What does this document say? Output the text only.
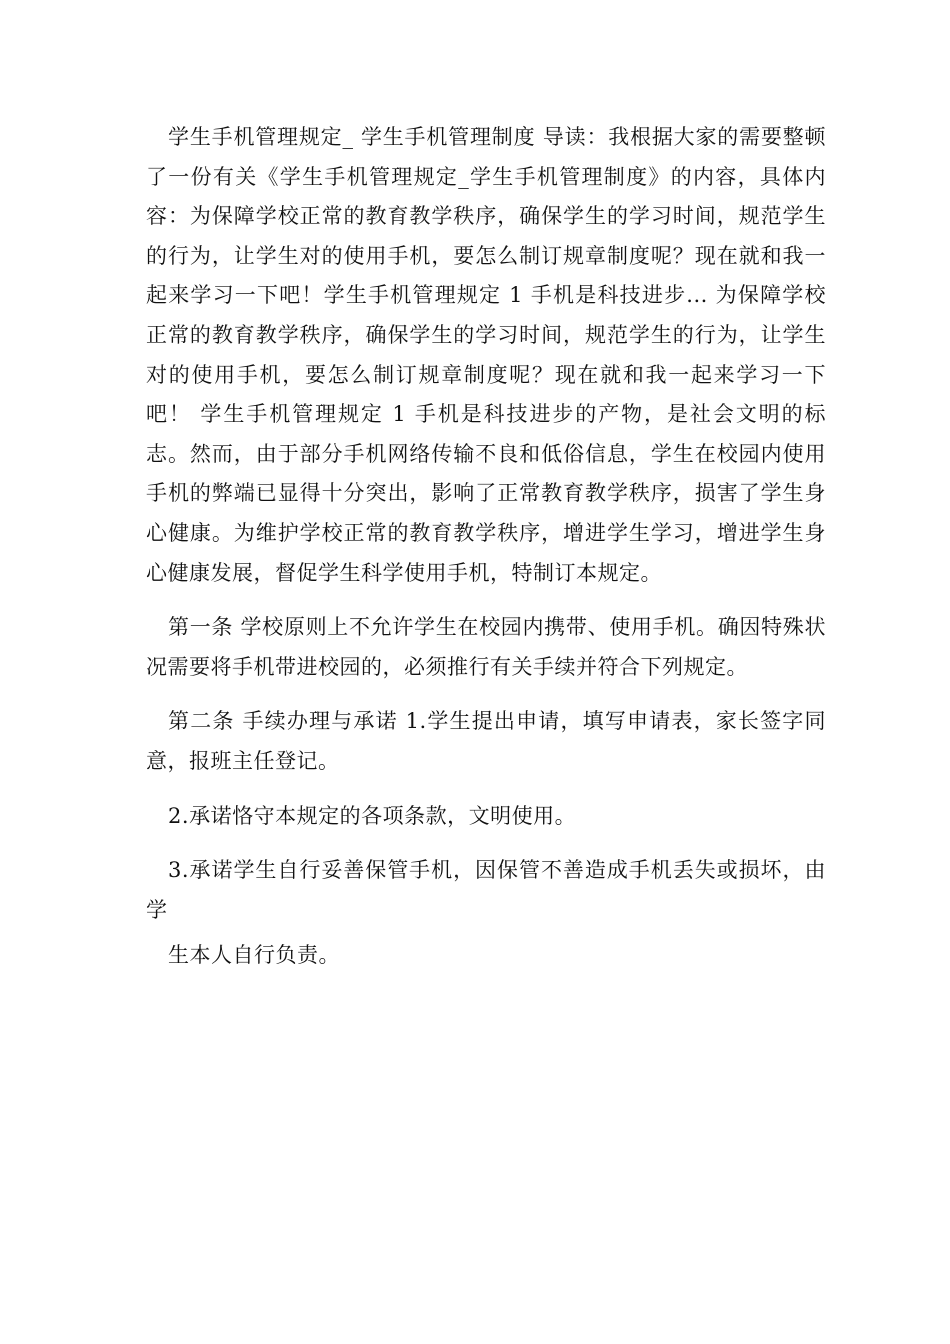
学生手机管理规定_ 学生手机管理制度 导读：我根据大家的需要整顿了一份有关《学生手机管理规定_学生手机管理制度》的内容，具体内容：为保障学校正常的教育教学秩序，确保学生的学习时间，规范学生的行为，让学生对的使用手机，要怎么制订规章制度呢？现在就和我一起来学习一下吧！学生手机管理规定 1 手机是科技进步... 为保障学校正常的教育教学秩序，确保学生的学习时间，规范学生的行为，让学生对的使用手机，要怎么制订规章制度呢？现在就和我一起来学习一下吧！ 学生手机管理规定 1 手机是科技进步的产物，是社会文明的标志。然而，由于部分手机网络传输不良和低俗信息，学生在校园内使用手机的弊端已显得十分突出，影响了正常教育教学秩序，损害了学生身心健康。为维护学校正常的教育教学秩序，增进学生学习，增进学生身心健康发展，督促学生科学使用手机，特制订本规定。

第一条 学校原则上不允许学生在校园内携带、使用手机。确因特殊状况需要将手机带进校园的，必须推行有关手续并符合下列规定。

第二条 手续办理与承诺 1.学生提出申请，填写申请表，家长签字同意，报班主任登记。

2.承诺恪守本规定的各项条款，文明使用。

3.承诺学生自行妥善保管手机，因保管不善造成手机丢失或损坏，由学

生本人自行负责。
